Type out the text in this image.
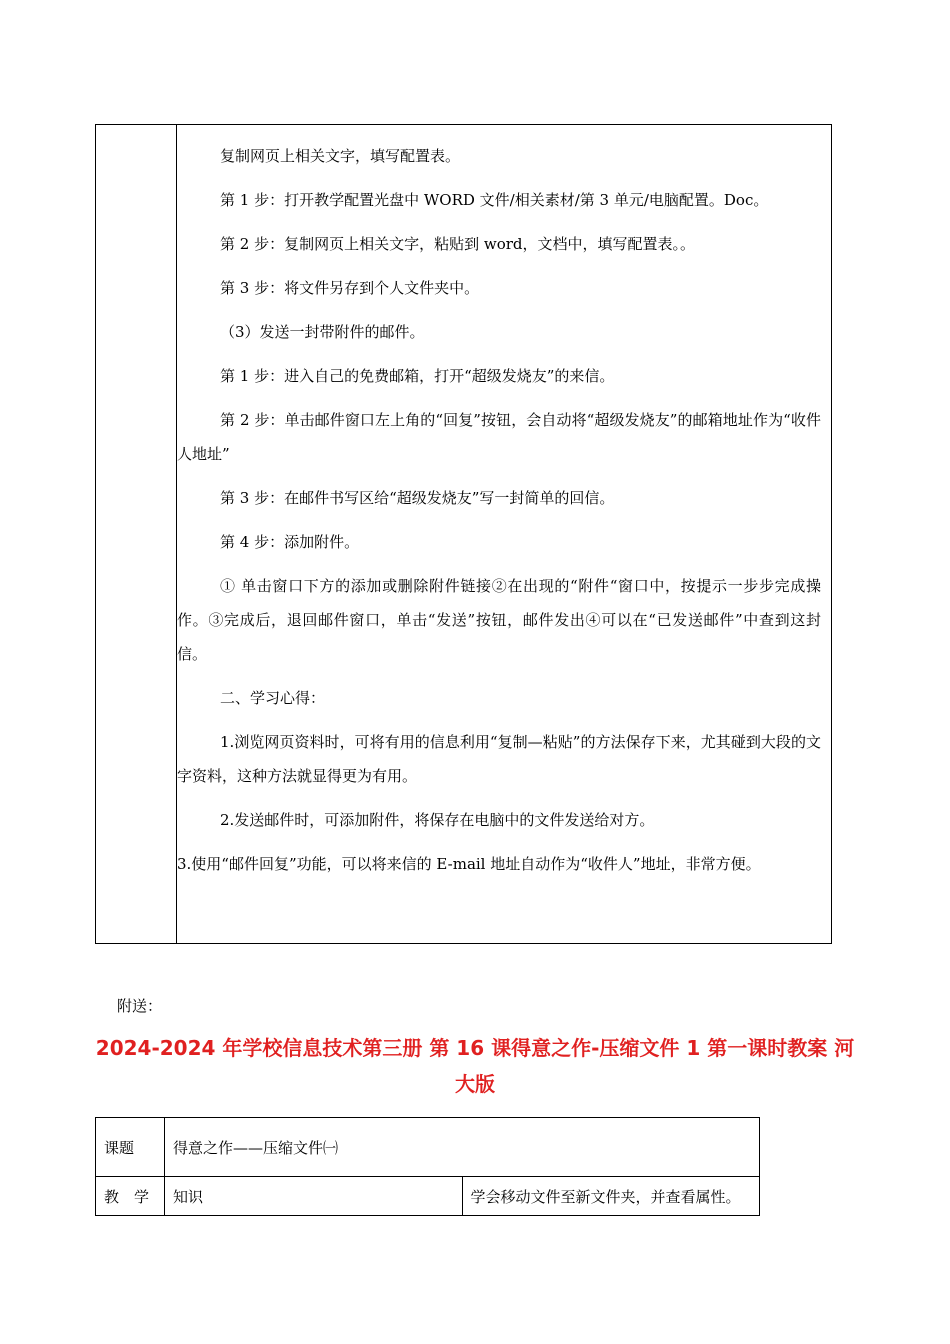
复制网页上相关文字，填写配置表。

第 1 步：打开教学配置光盘中 WORD 文件/相关素材/第 3 单元/电脑配置。Doc。

第 2 步：复制网页上相关文字，粘贴到 word，文档中，填写配置表。。

第 3 步：将文件另存到个人文件夹中。

（3）发送一封带附件的邮件。

第 1 步：进入自己的免费邮箱，打开“超级发烧友”的来信。

第 2 步：单击邮件窗口左上角的“回复”按钮，会自动将“超级发烧友”的邮箱地址作为“收件人地址”

第 3 步：在邮件书写区给“超级发烧友”写一封简单的回信。

第 4 步：添加附件。

① 单击窗口下方的添加或删除附件链接②在出现的“附件“窗口中，按提示一步步完成操作。③完成后，退回邮件窗口，单击“发送”按钮，邮件发出④可以在“已发送邮件”中查到这封信。

二、学习心得：

1.浏览网页资料时，可将有用的信息利用“复制—粘贴”的方法保存下来，尤其碰到大段的文字资料，这种方法就显得更为有用。

2.发送邮件时，可添加附件，将保存在电脑中的文件发送给对方。

3.使用“邮件回复”功能，可以将来信的 E-mail 地址自动作为“收件人”地址，非常方便。

附送：
2024-2024 年学校信息技术第三册 第 16 课得意之作-压缩文件 1 第一课时教案 河大版
课题	得意之作——压缩文件㈠	
教　学	知识	学会移动文件至新文件夹，并查看属性。
